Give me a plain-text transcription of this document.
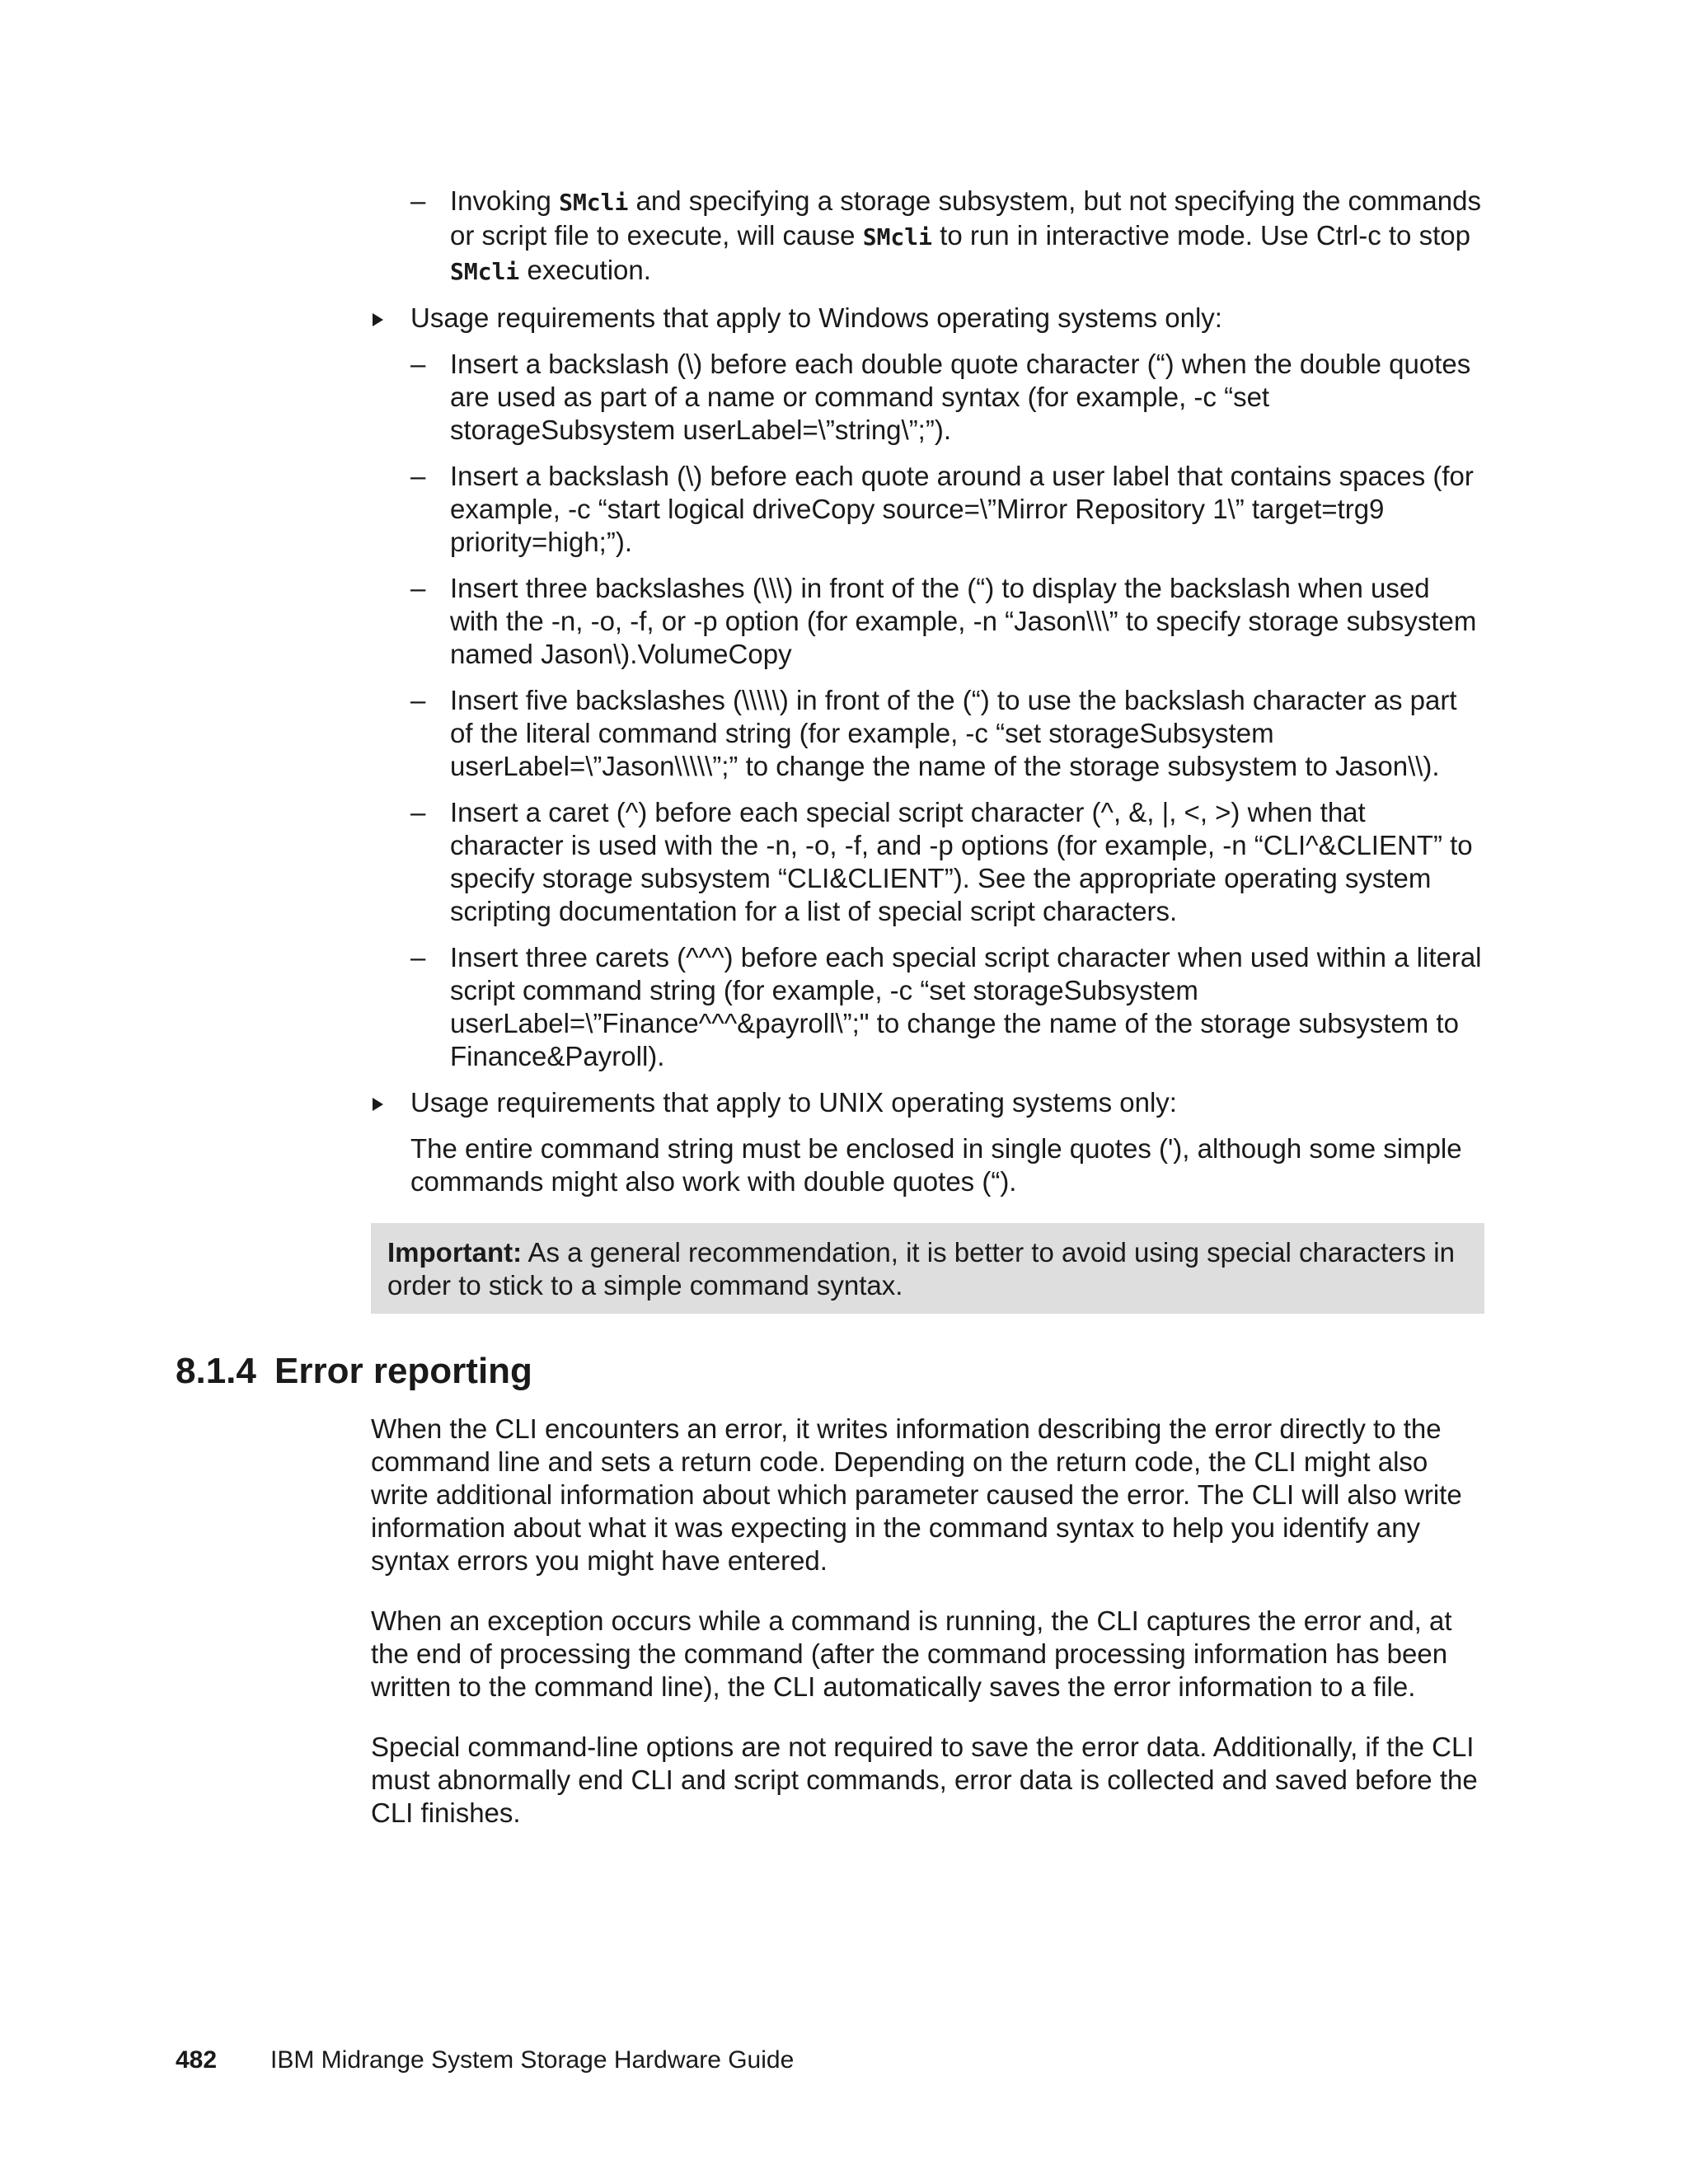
– Invoking SMcli and specifying a storage subsystem, but not specifying the commands or script file to execute, will cause SMcli to run in interactive mode. Use Ctrl-c to stop SMcli execution.
Usage requirements that apply to Windows operating systems only:
– Insert a backslash (\) before each double quote character (“) when the double quotes are used as part of a name or command syntax (for example, -c “set storageSubsystem userLabel=\”string\”;”).
– Insert a backslash (\) before each quote around a user label that contains spaces (for example, -c “start logical driveCopy source=\”Mirror Repository 1\” target=trg9 priority=high;”).
– Insert three backslashes (\\\) in front of the (“) to display the backslash when used with the -n, -o, -f, or -p option (for example, -n “Jason\\\” to specify storage subsystem named Jason\).VolumeCopy
– Insert five backslashes (\\\\\) in front of the (“) to use the backslash character as part of the literal command string (for example, -c “set storageSubsystem userLabel=\”Jason\\\\\”;” to change the name of the storage subsystem to Jason\\).
– Insert a caret (^) before each special script character (^, &, |, <, >) when that character is used with the -n, -o, -f, and -p options (for example, -n “CLI^&CLIENT” to specify storage subsystem “CLI&CLIENT”). See the appropriate operating system scripting documentation for a list of special script characters.
– Insert three carets (^^^) before each special script character when used within a literal script command string (for example, -c “set storageSubsystem userLabel=\”Finance^^^&payroll\”;" to change the name of the storage subsystem to Finance&Payroll).
Usage requirements that apply to UNIX operating systems only:
The entire command string must be enclosed in single quotes ('), although some simple commands might also work with double quotes (“).
Important: As a general recommendation, it is better to avoid using special characters in order to stick to a simple command syntax.
8.1.4 Error reporting
When the CLI encounters an error, it writes information describing the error directly to the command line and sets a return code. Depending on the return code, the CLI might also write additional information about which parameter caused the error. The CLI will also write information about what it was expecting in the command syntax to help you identify any syntax errors you might have entered.
When an exception occurs while a command is running, the CLI captures the error and, at the end of processing the command (after the command processing information has been written to the command line), the CLI automatically saves the error information to a file.
Special command-line options are not required to save the error data. Additionally, if the CLI must abnormally end CLI and script commands, error data is collected and saved before the CLI finishes.
482 IBM Midrange System Storage Hardware Guide
